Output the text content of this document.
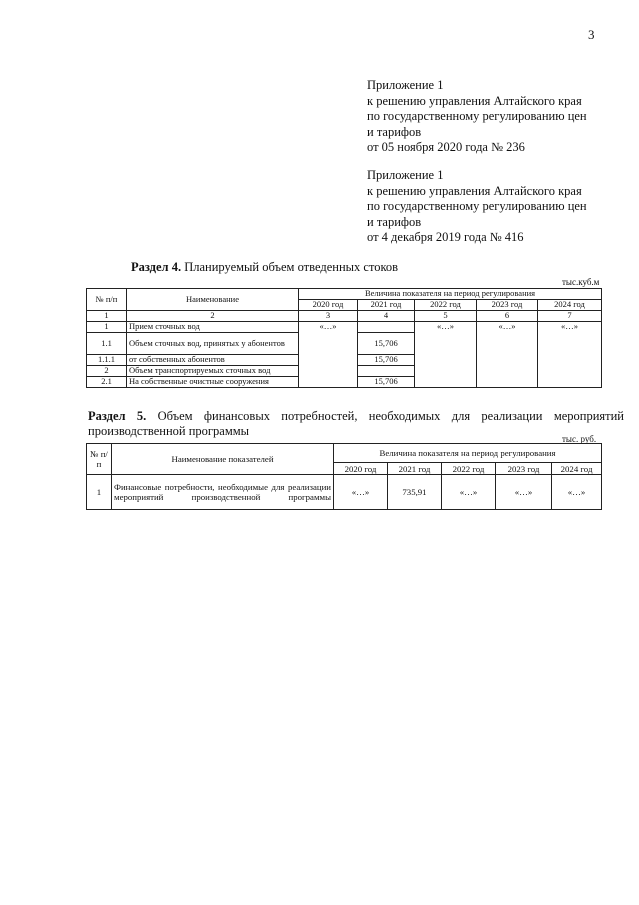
3
Приложение 1
к решению управления Алтайского края
по государственному регулированию цен
и тарифов
от 05 ноября 2020 года № 236
Приложение 1
к решению управления Алтайского края
по государственному регулированию цен
и тарифов
от 4 декабря 2019 года № 416
Раздел 4. Планируемый объем отведенных стоков
тыс.куб.м
№ п/п	Наименование	Величина показателя на период регулирования				
		2020 год	2021 год	2022 год	2023 год	2024 год
1	2	3	4	5	6	7
1	Прием сточных вод	«…»		«…»	«…»	«…»
1.1	Объем сточных вод, принятых у абонентов		15,706			
1.1.1	от собственных абонентов		15,706			
2	Объем транспортируемых сточных вод					
2.1	На собственные очистные сооружения		15,706			
Раздел 5. Объем финансовых потребностей, необходимых для реализации мероприятий производственной программы
тыс. руб.
№ п/п	Наименование показателей	Величина показателя на период регулирования				
		2020 год	2021 год	2022 год	2023 год	2024 год
1	Финансовые потребности, необходимые для реализации мероприятий производственной программы	«…»	735,91	«…»	«…»	«…»
